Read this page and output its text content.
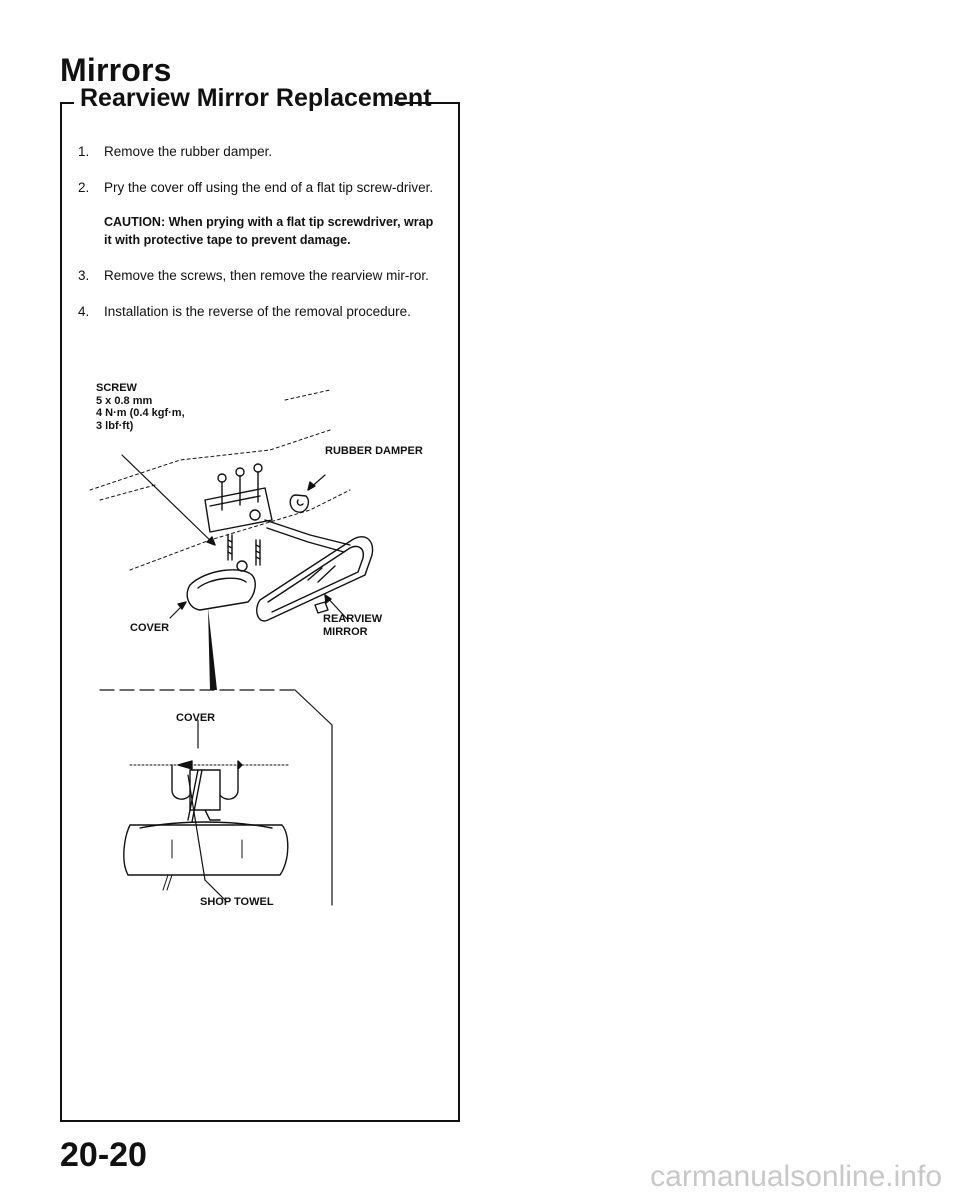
Mirrors
Rearview Mirror Replacement
1. Remove the rubber damper.
2. Pry the cover off using the end of a flat tip screw-driver.
CAUTION: When prying with a flat tip screwdriver, wrap it with protective tape to prevent damage.
3. Remove the screws, then remove the rearview mir-ror.
4. Installation is the reverse of the removal procedure.
SCREW
5 x 0.8 mm
4 N·m (0.4 kgf·m,
3 lbf·ft)
RUBBER DAMPER
COVER
REARVIEW
MIRROR
COVER
SHOP TOWEL
20-20
carmanualsonline.info
